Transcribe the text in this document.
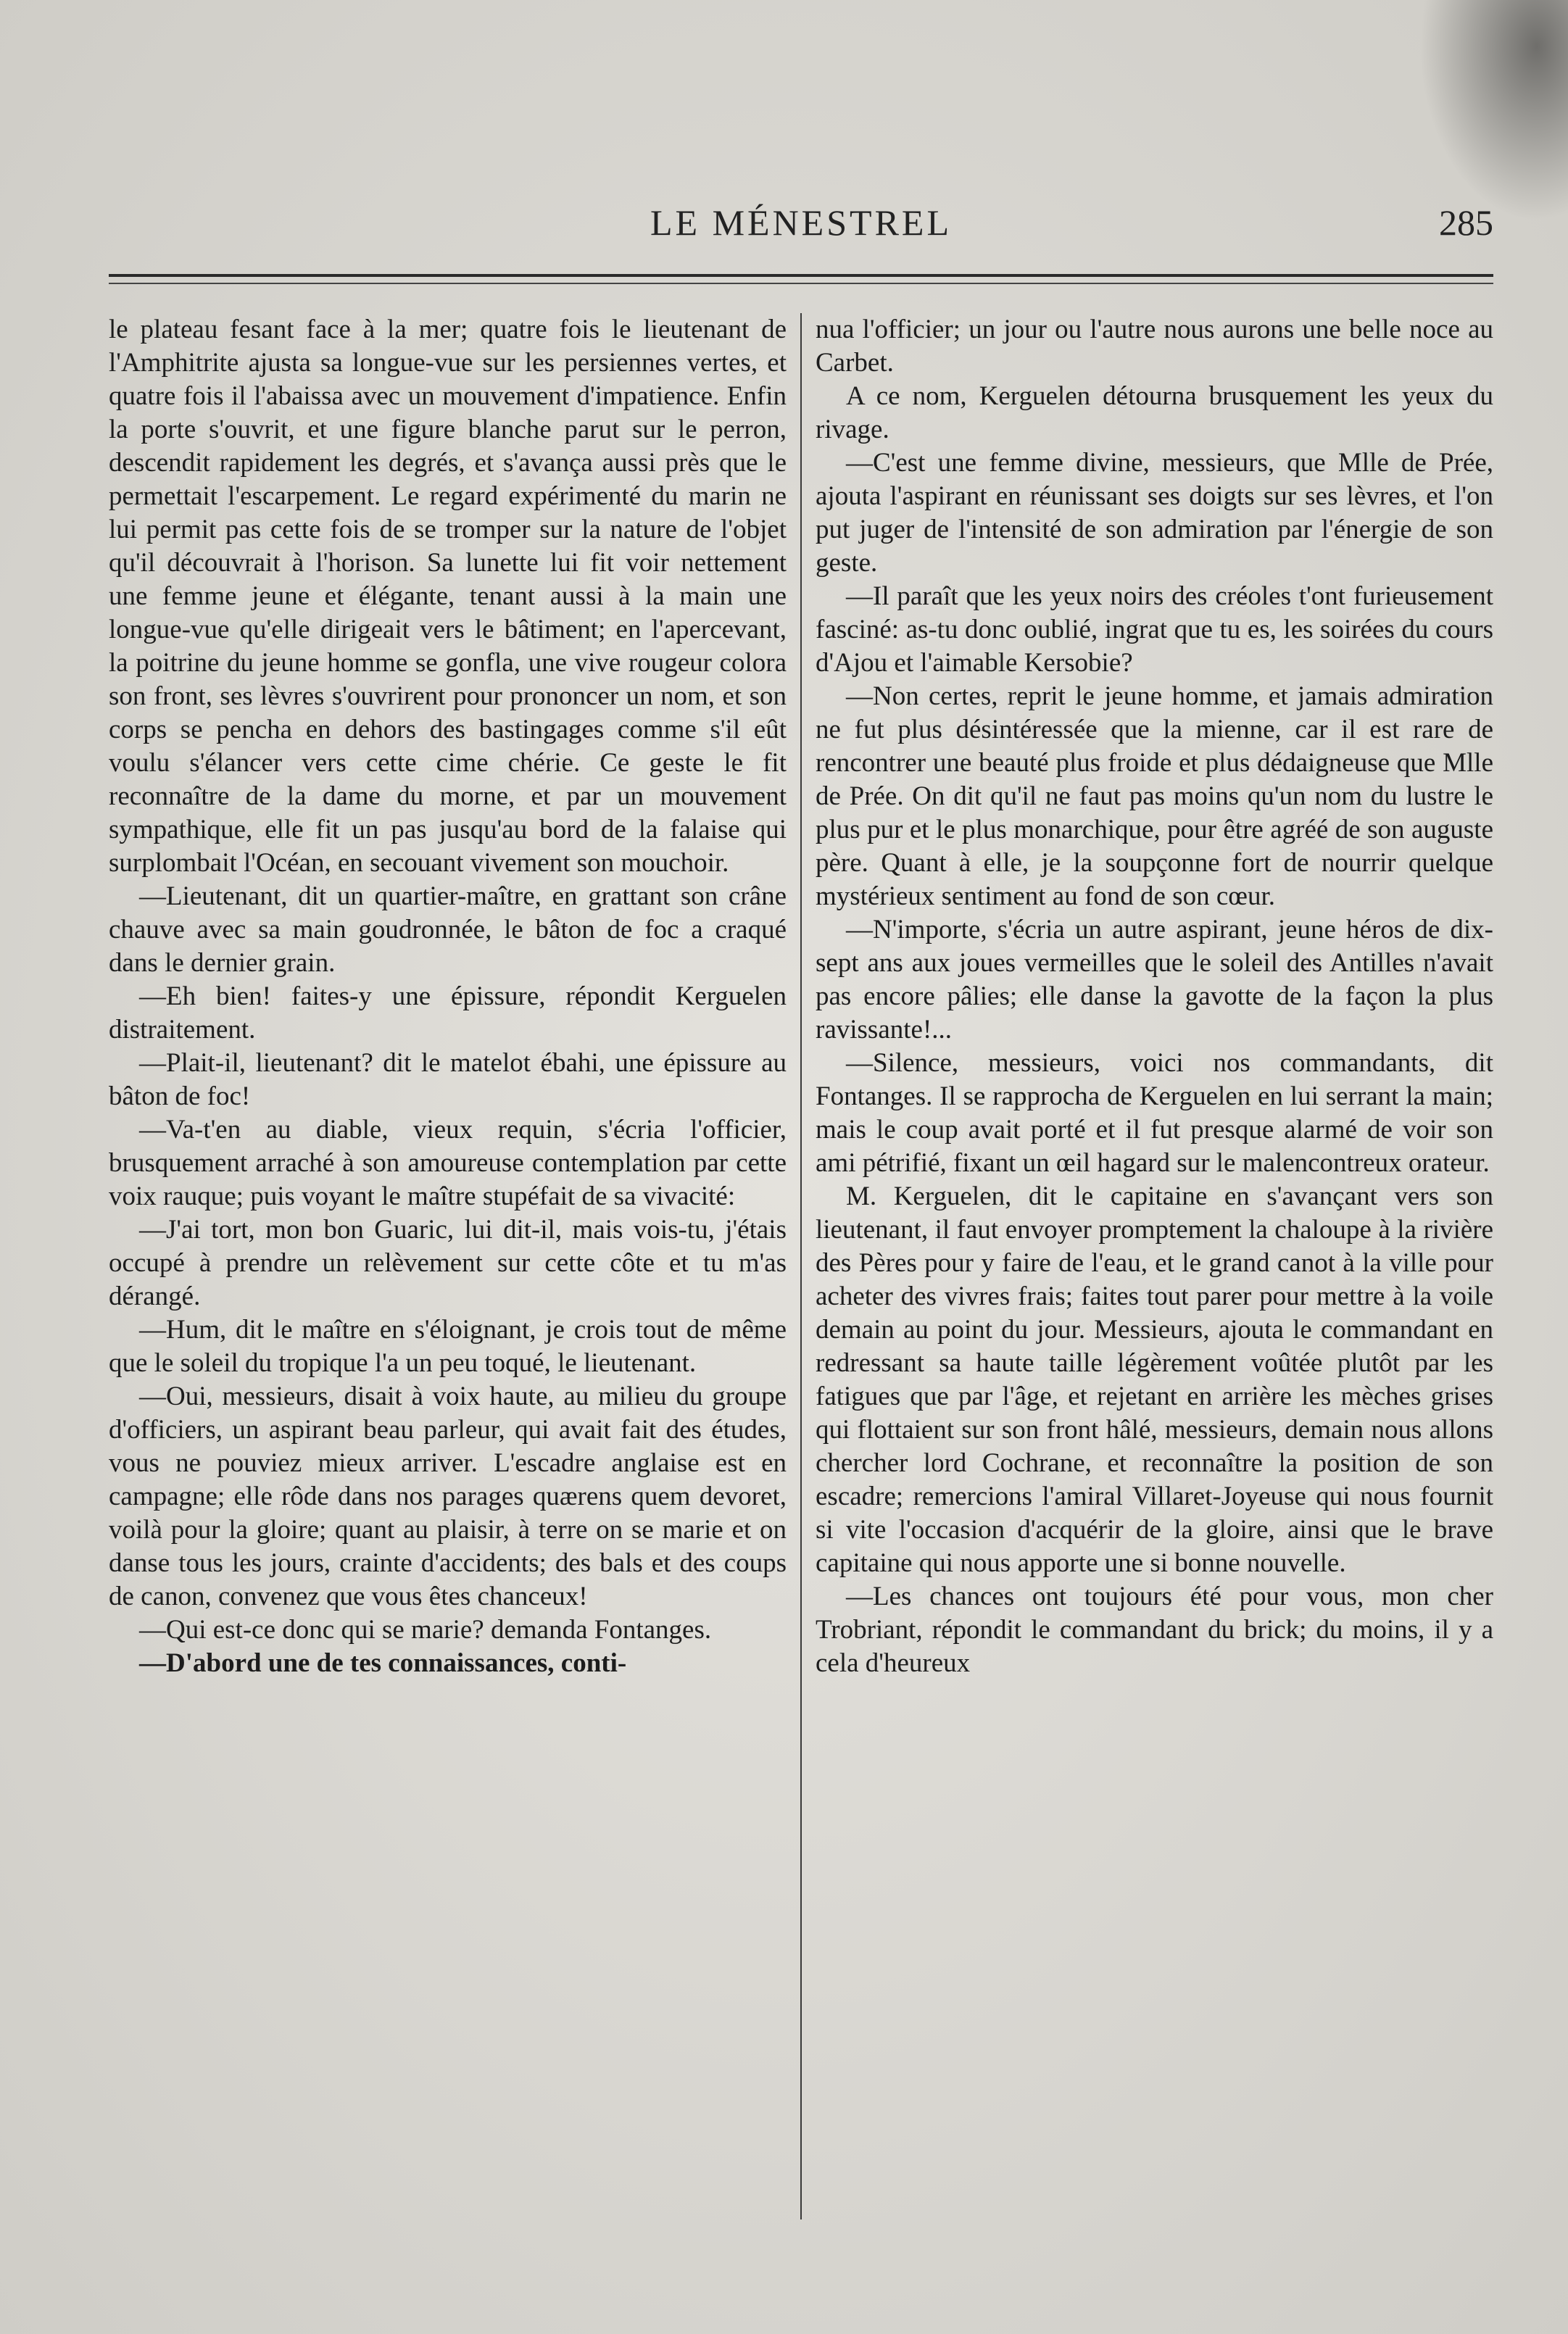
LE MÉNESTREL	285

le plateau fesant face à la mer; quatre fois le lieutenant de l'Amphitrite ajusta sa longue-vue sur les persiennes vertes, et quatre fois il l'abaissa avec un mouvement d'impatience. Enfin la porte s'ouvrit, et une figure blanche parut sur le perron, descendit rapidement les degrés, et s'avança aussi près que le permettait l'escarpement. Le regard expérimenté du marin ne lui permit pas cette fois de se tromper sur la nature de l'objet qu'il découvrait à l'horison. Sa lunette lui fit voir nettement une femme jeune et élégante, tenant aussi à la main une longue-vue qu'elle dirigeait vers le bâtiment; en l'apercevant, la poitrine du jeune homme se gonfla, une vive rougeur colora son front, ses lèvres s'ouvrirent pour prononcer un nom, et son corps se pencha en dehors des bastingages comme s'il eût voulu s'élancer vers cette cime chérie. Ce geste le fit reconnaître de la dame du morne, et par un mouvement sympathique, elle fit un pas jusqu'au bord de la falaise qui surplombait l'Océan, en secouant vivement son mouchoir.

—Lieutenant, dit un quartier-maître, en grattant son crâne chauve avec sa main goudronnée, le bâton de foc a craqué dans le dernier grain.

—Eh bien! faites-y une épissure, répondit Kerguelen distraitement.

—Plait-il, lieutenant? dit le matelot ébahi, une épissure au bâton de foc!

—Va-t'en au diable, vieux requin, s'écria l'officier, brusquement arraché à son amoureuse contemplation par cette voix rauque; puis voyant le maître stupéfait de sa vivacité:

—J'ai tort, mon bon Guaric, lui dit-il, mais vois-tu, j'étais occupé à prendre un relèvement sur cette côte et tu m'as dérangé.

—Hum, dit le maître en s'éloignant, je crois tout de même que le soleil du tropique l'a un peu toqué, le lieutenant.

—Oui, messieurs, disait à voix haute, au milieu du groupe d'officiers, un aspirant beau parleur, qui avait fait des études, vous ne pouviez mieux arriver. L'escadre anglaise est en campagne; elle rôde dans nos parages quærens quem devoret, voilà pour la gloire; quant au plaisir, à terre on se marie et on danse tous les jours, crainte d'accidents; des bals et des coups de canon, convenez que vous êtes chanceux!

—Qui est-ce donc qui se marie? demanda Fontanges.

—D'abord une de tes connaissances, conti-

nua l'officier; un jour ou l'autre nous aurons une belle noce au Carbet.

A ce nom, Kerguelen détourna brusquement les yeux du rivage.

—C'est une femme divine, messieurs, que Mlle de Prée, ajouta l'aspirant en réunissant ses doigts sur ses lèvres, et l'on put juger de l'intensité de son admiration par l'énergie de son geste.

—Il paraît que les yeux noirs des créoles t'ont furieusement fasciné: as-tu donc oublié, ingrat que tu es, les soirées du cours d'Ajou et l'aimable Kersobie?

—Non certes, reprit le jeune homme, et jamais admiration ne fut plus désintéressée que la mienne, car il est rare de rencontrer une beauté plus froide et plus dédaigneuse que Mlle de Prée. On dit qu'il ne faut pas moins qu'un nom du lustre le plus pur et le plus monarchique, pour être agréé de son auguste père. Quant à elle, je la soupçonne fort de nourrir quelque mystérieux sentiment au fond de son cœur.

—N'importe, s'écria un autre aspirant, jeune héros de dix-sept ans aux joues vermeilles que le soleil des Antilles n'avait pas encore pâlies; elle danse la gavotte de la façon la plus ravissante!...

—Silence, messieurs, voici nos commandants, dit Fontanges. Il se rapprocha de Kerguelen en lui serrant la main; mais le coup avait porté et il fut presque alarmé de voir son ami pétrifié, fixant un œil hagard sur le malencontreux orateur.

M. Kerguelen, dit le capitaine en s'avançant vers son lieutenant, il faut envoyer promptement la chaloupe à la rivière des Pères pour y faire de l'eau, et le grand canot à la ville pour acheter des vivres frais; faites tout parer pour mettre à la voile demain au point du jour. Messieurs, ajouta le commandant en redressant sa haute taille légèrement voûtée plutôt par les fatigues que par l'âge, et rejetant en arrière les mèches grises qui flottaient sur son front hâlé, messieurs, demain nous allons chercher lord Cochrane, et reconnaître la position de son escadre; remercions l'amiral Villaret-Joyeuse qui nous fournit si vite l'occasion d'acquérir de la gloire, ainsi que le brave capitaine qui nous apporte une si bonne nouvelle.

—Les chances ont toujours été pour vous, mon cher Trobriant, répondit le commandant du brick; du moins, il y a cela d'heureux
